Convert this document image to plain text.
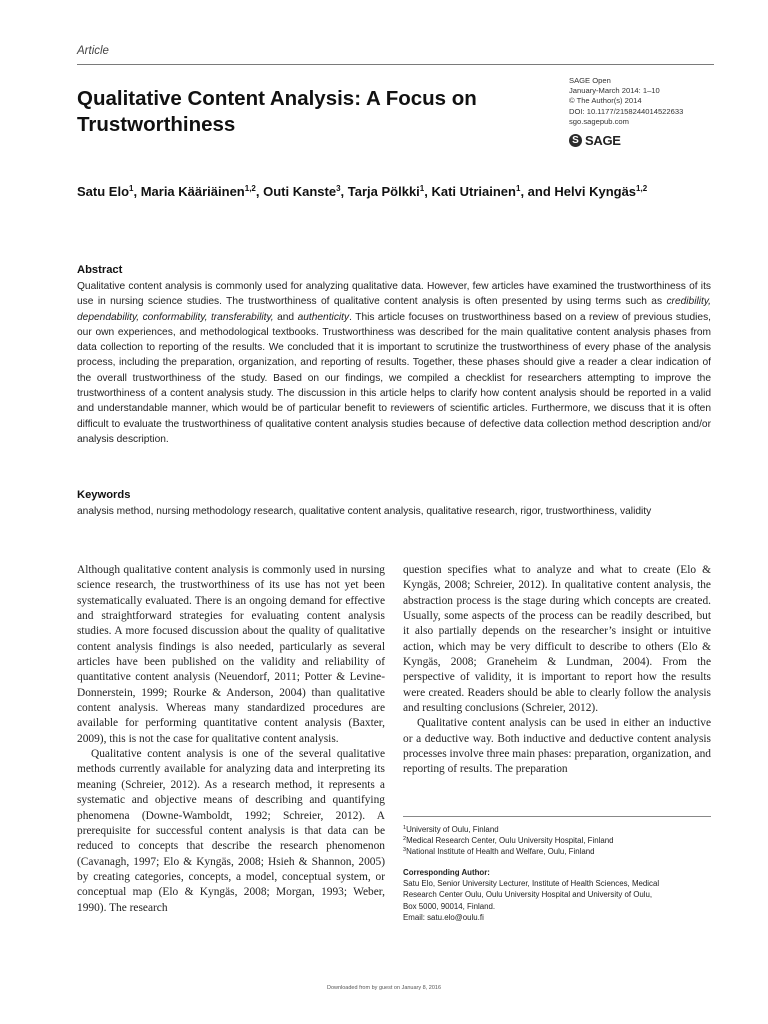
Article
Qualitative Content Analysis: A Focus on Trustworthiness
SAGE Open
January-March 2014: 1–10
© The Author(s) 2014
DOI: 10.1177/2158244014522633
sgo.sagepub.com
S SAGE
Satu Elo$^1$, Maria Kääriäinen$^{1,2}$, Outi Kanste$^3$, Tarja Pölkki$^1$, Kati Utriainen$^1$, and Helvi Kyngäs$^{1,2}$
Abstract
Qualitative content analysis is commonly used for analyzing qualitative data. However, few articles have examined the trustworthiness of its use in nursing science studies. The trustworthiness of qualitative content analysis is often presented by using terms such as credibility, dependability, conformability, transferability, and authenticity. This article focuses on trustworthiness based on a review of previous studies, our own experiences, and methodological textbooks. Trustworthiness was described for the main qualitative content analysis phases from data collection to reporting of the results. We concluded that it is important to scrutinize the trustworthiness of every phase of the analysis process, including the preparation, organization, and reporting of results. Together, these phases should give a reader a clear indication of the overall trustworthiness of the study. Based on our findings, we compiled a checklist for researchers attempting to improve the trustworthiness of a content analysis study. The discussion in this article helps to clarify how content analysis should be reported in a valid and understandable manner, which would be of particular benefit to reviewers of scientific articles. Furthermore, we discuss that it is often difficult to evaluate the trustworthiness of qualitative content analysis studies because of defective data collection method description and/or analysis description.
Keywords
analysis method, nursing methodology research, qualitative content analysis, qualitative research, rigor, trustworthiness, validity

Although qualitative content analysis is commonly used in nursing science research, the trustworthiness of its use has not yet been systematically evaluated. There is an ongoing demand for effective and straightforward strategies for evaluating content analysis studies. A more focused discussion about the quality of qualitative content analysis findings is also needed, particularly as several articles have been published on the validity and reliability of quantitative content analysis (Neuendorf, 2011; Potter & Levine-Donnerstein, 1999; Rourke & Anderson, 2004) than qualitative content analysis. Whereas many standardized procedures are available for performing quantitative content analysis (Baxter, 2009), this is not the case for qualitative content analysis.

Qualitative content analysis is one of the several qualitative methods currently available for analyzing data and interpreting its meaning (Schreier, 2012). As a research method, it represents a systematic and objective means of describing and quantifying phenomena (Downe-Wamboldt, 1992; Schreier, 2012). A prerequisite for successful content analysis is that data can be reduced to concepts that describe the research phenomenon (Cavanagh, 1997; Elo & Kyngäs, 2008; Hsieh & Shannon, 2005) by creating categories, concepts, a model, conceptual system, or conceptual map (Elo & Kyngäs, 2008; Morgan, 1993; Weber, 1990). The research

question specifies what to analyze and what to create (Elo & Kyngäs, 2008; Schreier, 2012). In qualitative content analysis, the abstraction process is the stage during which concepts are created. Usually, some aspects of the process can be readily described, but it also partially depends on the researcher’s insight or intuitive action, which may be very difficult to describe to others (Elo & Kyngäs, 2008; Graneheim & Lundman, 2004). From the perspective of validity, it is important to report how the results were created. Readers should be able to clearly follow the analysis and resulting conclusions (Schreier, 2012).

Qualitative content analysis can be used in either an inductive or a deductive way. Both inductive and deductive content analysis processes involve three main phases: preparation, organization, and reporting of results. The preparation

$^1$University of Oulu, Finland
$^2$Medical Research Center, Oulu University Hospital, Finland
$^3$National Institute of Health and Welfare, Oulu, Finland
Corresponding Author:
Satu Elo, Senior University Lecturer, Institute of Health Sciences, Medical
Research Center Oulu, Oulu University Hospital and University of Oulu,
Box 5000, 90014, Finland.
Email: satu.elo@oulu.fi
Downloaded from by guest on January 8, 2016
